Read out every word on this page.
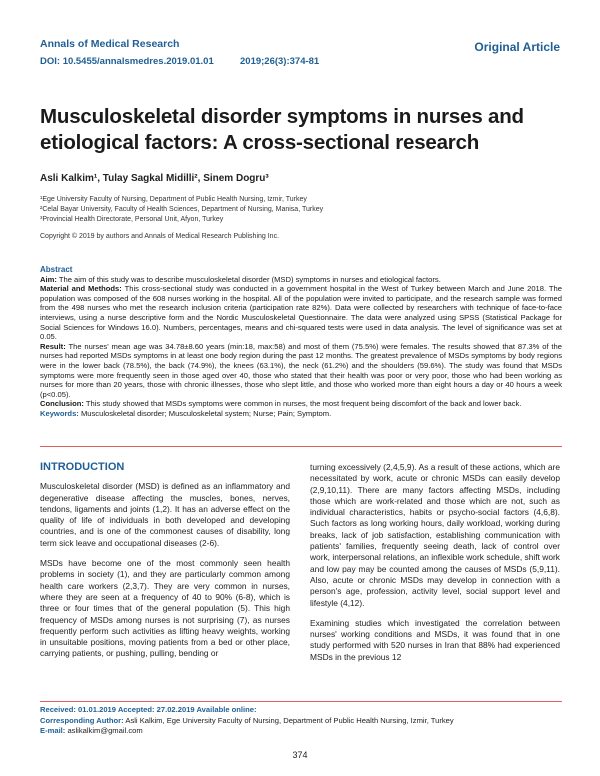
Annals of Medical Research
DOI: 10.5455/annalsmedres.2019.01.01	2019;26(3):374-81
Original Article
Musculoskeletal disorder symptoms in nurses and etiological factors: A cross-sectional research
Asli Kalkim¹, Tulay Sagkal Midilli², Sinem Dogru³
¹Ege University Faculty of Nursing, Department of Public Health Nursing, Izmir, Turkey
²Celal Bayar University, Faculty of Health Sciences, Department of Nursing, Manisa, Turkey
³Provincial Health Directorate, Personal Unit, Afyon, Turkey
Copyright © 2019 by authors and Annals of Medical Research Publishing Inc.
Abstract
Aim: The aim of this study was to describe musculoskeletal disorder (MSD) symptoms in nurses and etiological factors.
Material and Methods: This cross-sectional study was conducted in a government hospital in the West of Turkey between March and June 2018. The population was composed of the 608 nurses working in the hospital. All of the population were invited to participate, and the research sample was formed from the 498 nurses who met the research inclusion criteria (participation rate 82%). Data were collected by researchers with technique of face-to-face interviews, using a nurse descriptive form and the Nordic Musculoskeletal Questionnaire. The data were analyzed using SPSS (Statistical Package for Social Sciences for Windows 16.0). Numbers, percentages, means and chi-squared tests were used in data analysis. The level of significance was set at 0.05.
Result: The nurses' mean age was 34.78±8.60 years (min:18, max:58) and most of them (75.5%) were females. The results showed that 87.3% of the nurses had reported MSDs symptoms in at least one body region during the past 12 months. The greatest prevalence of MSDs symptoms by body regions were in the lower back (78.5%), the back (74.9%), the knees (63.1%), the neck (61.2%) and the shoulders (59.6%). The study was found that MSDs symptoms were more frequently seen in those aged over 40, those who stated that their health was poor or very poor, those who had been working as nurses for more than 20 years, those with chronic illnesses, those who slept little, and those who worked more than eight hours a day or 40 hours a week (p<0.05).
Conclusion: This study showed that MSDs symptoms were common in nurses, the most frequent being discomfort of the back and lower back.
Keywords: Musculoskeletal disorder; Musculoskeletal system; Nurse; Pain; Symptom.
INTRODUCTION

Musculoskeletal disorder (MSD) is defined as an inflammatory and degenerative disease affecting the muscles, bones, nerves, tendons, ligaments and joints (1,2). It has an adverse effect on the quality of life of individuals in both developed and developing countries, and is one of the commonest causes of disability, long term sick leave and occupational diseases (2-6).

MSDs have become one of the most commonly seen health problems in society (1), and they are particularly common among health care workers (2,3,7). They are very common in nurses, where they are seen at a frequency of 40 to 90% (6-8), which is three or four times that of the general population (5). This high frequency of MSDs among nurses is not surprising (7), as nurses frequently perform such activities as lifting heavy weights, working in unsuitable positions, moving patients from a bed or other place, carrying patients, or pushing, pulling, bending or

turning excessively (2,4,5,9). As a result of these actions, which are necessitated by work, acute or chronic MSDs can easily develop (2,9,10,11). There are many factors affecting MSDs, including those which are work-related and those which are not, such as individual characteristics, habits or psycho-social factors (4,6,8). Such factors as long working hours, daily workload, working during breaks, lack of job satisfaction, establishing communication with patients' families, frequently seeing death, lack of control over work, interpersonal relations, an inflexible work schedule, shift work and low pay may be counted among the causes of MSDs (5,9,11). Also, acute or chronic MSDs may develop in connection with a person's age, profession, activity level, social support level and lifestyle (4,12).

Examining studies which investigated the correlation between nurses' working conditions and MSDs, it was found that in one study performed with 520 nurses in Iran that 88% had experienced MSDs in the previous 12

Received: 01.01.2019 Accepted: 27.02.2019 Available online:
Corresponding Author: Asli Kalkim, Ege University Faculty of Nursing, Department of Public Health Nursing, Izmir, Turkey
E-mail: aslikalkim@gmail.com
374
